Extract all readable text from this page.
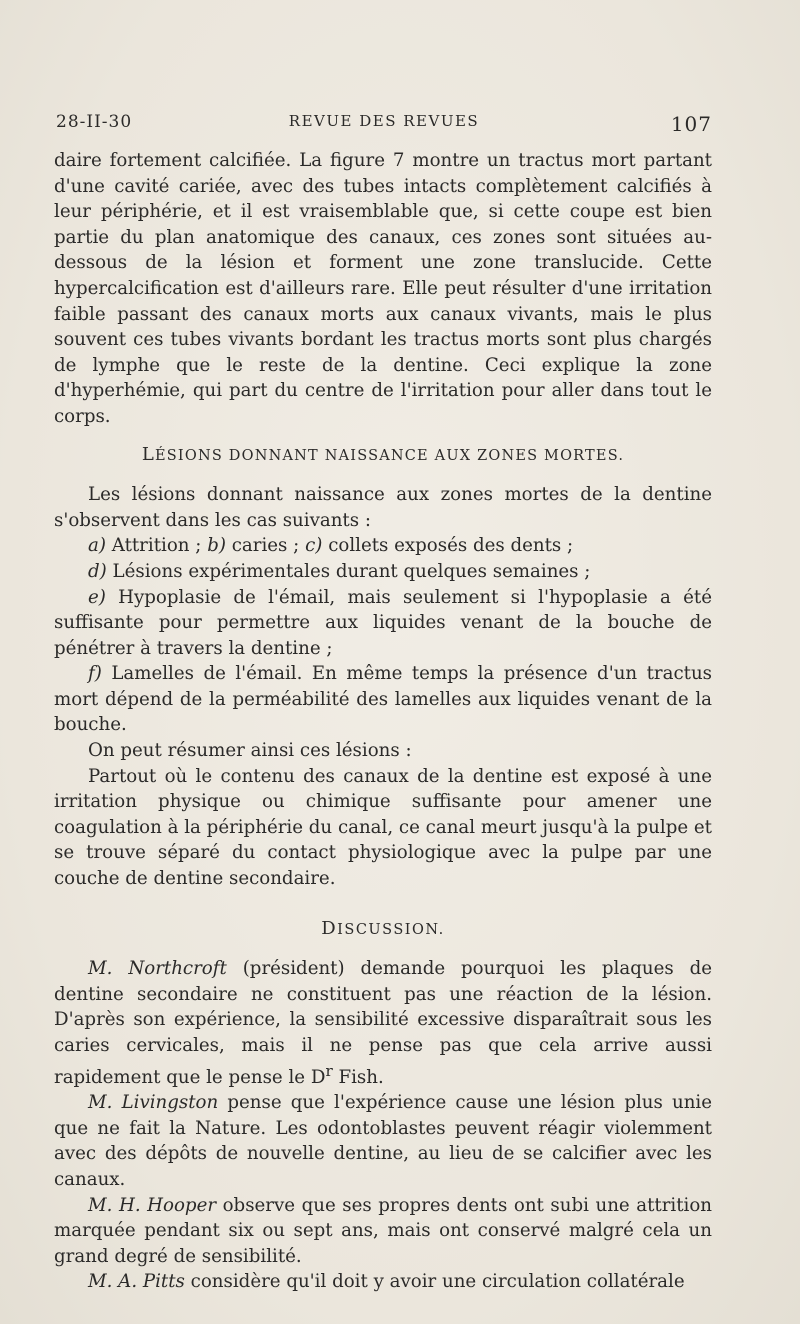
28-II-30	REVUE DES REVUES	107

daire fortement calcifiée. La figure 7 montre un tractus mort partant d'une cavité cariée, avec des tubes intacts complètement calcifiés à leur périphérie, et il est vraisemblable que, si cette coupe est bien partie du plan anatomique des canaux, ces zones sont situées au-dessous de la lésion et forment une zone translucide. Cette hypercalcification est d'ailleurs rare. Elle peut résulter d'une irritation faible passant des canaux morts aux canaux vivants, mais le plus souvent ces tubes vivants bordant les tractus morts sont plus chargés de lymphe que le reste de la dentine. Ceci explique la zone d'hyperhémie, qui part du centre de l'irritation pour aller dans tout le corps.

LÉSIONS DONNANT NAISSANCE AUX ZONES MORTES.

Les lésions donnant naissance aux zones mortes de la dentine s'observent dans les cas suivants :

a) Attrition ; b) caries ; c) collets exposés des dents ;

d) Lésions expérimentales durant quelques semaines ;

e) Hypoplasie de l'émail, mais seulement si l'hypoplasie a été suffisante pour permettre aux liquides venant de la bouche de pénétrer à travers la dentine ;

f) Lamelles de l'émail. En même temps la présence d'un tractus mort dépend de la perméabilité des lamelles aux liquides venant de la bouche.

On peut résumer ainsi ces lésions :

Partout où le contenu des canaux de la dentine est exposé à une irritation physique ou chimique suffisante pour amener une coagulation à la périphérie du canal, ce canal meurt jusqu'à la pulpe et se trouve séparé du contact physiologique avec la pulpe par une couche de dentine secondaire.

DISCUSSION.

M. Northcroft (président) demande pourquoi les plaques de dentine secondaire ne constituent pas une réaction de la lésion. D'après son expérience, la sensibilité excessive disparaîtrait sous les caries cervicales, mais il ne pense pas que cela arrive aussi rapidement que le pense le $D^r$ Fish.

M. Livingston pense que l'expérience cause une lésion plus unie que ne fait la Nature. Les odontoblastes peuvent réagir violemment avec des dépôts de nouvelle dentine, au lieu de se calcifier avec les canaux.

M. H. Hooper observe que ses propres dents ont subi une attrition marquée pendant six ou sept ans, mais ont conservé malgré cela un grand degré de sensibilité.

M. A. Pitts considère qu'il doit y avoir une circulation collatérale
